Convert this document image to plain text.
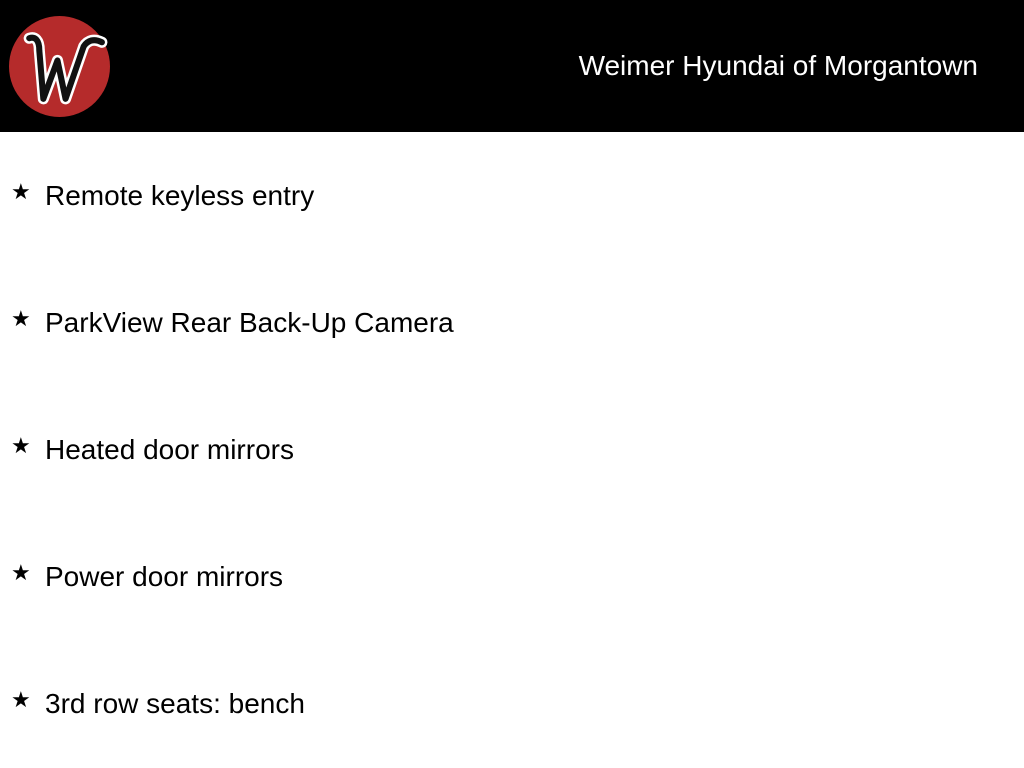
Weimer Hyundai of Morgantown
★ Remote keyless entry
★ ParkView Rear Back-Up Camera
★ Heated door mirrors
★ Power door mirrors
★ 3rd row seats: bench
